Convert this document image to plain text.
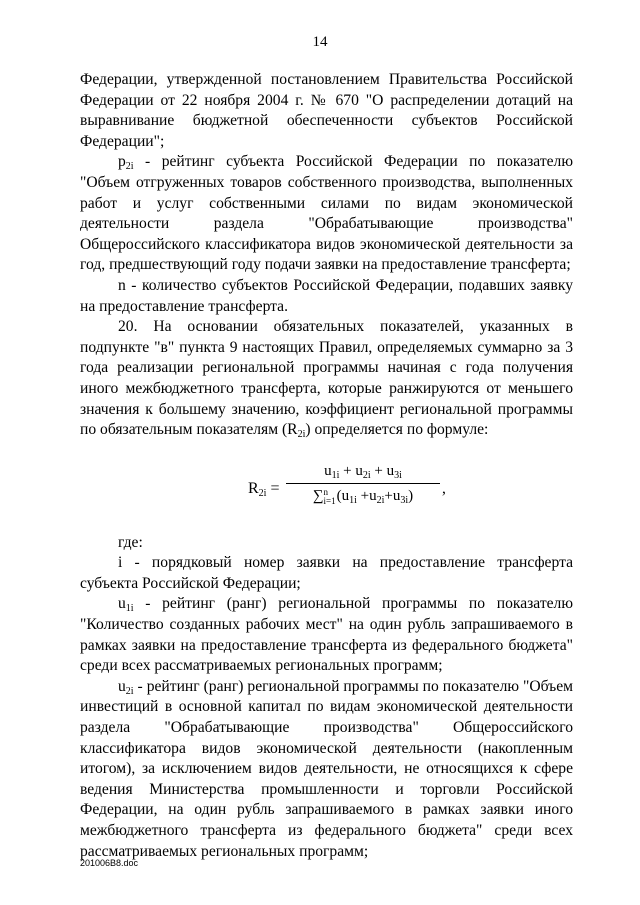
14

Федерации, утвержденной постановлением Правительства Российской Федерации от 22 ноября 2004 г. № 670 "О распределении дотаций на выравнивание бюджетной обеспеченности субъектов Российской Федерации";

$p_{2i}$ - рейтинг субъекта Российской Федерации по показателю "Объем отгруженных товаров собственного производства, выполненных работ и услуг собственными силами по видам экономической деятельности раздела "Обрабатывающие производства" Общероссийского классификатора видов экономической деятельности за год, предшествующий году подачи заявки на предоставление трансферта;

n - количество субъектов Российской Федерации, подавших заявку на предоставление трансферта.

20. На основании обязательных показателей, указанных в подпункте "в" пункта 9 настоящих Правил, определяемых суммарно за 3 года реализации региональной программы начиная с года получения иного межбюджетного трансферта, которые ранжируются от меньшего значения к большему значению, коэффициент региональной программы по обязательным показателям $(R_{2i})$ определяется по формуле:

$R_{2i}$ =
$u_{1i} + u_{2i} + u_{3i}$
∑n
$i=1(u_{1i} +u_{2i}+u_{3i})$	,

где:

i - порядковый номер заявки на предоставление трансферта субъекта Российской Федерации;

$u_{1i}$ - рейтинг (ранг) региональной программы по показателю "Количество созданных рабочих мест" на один рубль запрашиваемого в рамках заявки на предоставление трансферта из федерального бюджета" среди всех рассматриваемых региональных программ;

$u_{2i}$ - рейтинг (ранг) региональной программы по показателю "Объем инвестиций в основной капитал по видам экономической деятельности раздела "Обрабатывающие производства" Общероссийского классификатора видов экономической деятельности (накопленным итогом), за исключением видов деятельности, не относящихся к сфере ведения Министерства промышленности и торговли Российской Федерации, на один рубль запрашиваемого в рамках заявки иного межбюджетного трансферта из федерального бюджета" среди всех рассматриваемых региональных программ;

201006B8.doc
